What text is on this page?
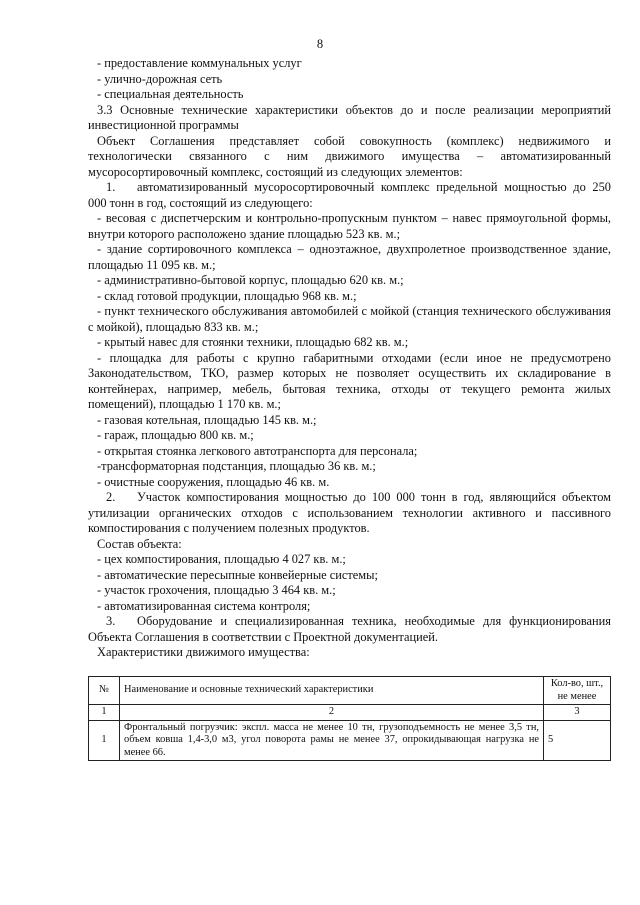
8

- предоставление коммунальных услуг

- улично-дорожная сеть

- специальная деятельность

3.3 Основные технические характеристики объектов до и после реализации мероприятий инвестиционной программы

Объект Соглашения представляет собой совокупность (комплекс) недвижимого и технологически связанного с ним движимого имущества – автоматизированный мусоросортировочный комплекс, состоящий из следующих элементов:

1. автоматизированный мусоросортировочный комплекс предельной мощностью до 250 000 тонн в год, состоящий из следующего:

- весовая с диспетчерским и контрольно-пропускным пунктом – навес прямоугольной формы, внутри которого расположено здание площадью 523 кв. м.;

- здание сортировочного комплекса – одноэтажное, двухпролетное производственное здание, площадью 11 095 кв. м.;

- административно-бытовой корпус, площадью 620 кв. м.;

- склад готовой продукции, площадью 968 кв. м.;

- пункт технического обслуживания автомобилей с мойкой (станция технического обслуживания с мойкой), площадью 833 кв. м.;

- крытый навес для стоянки техники, площадью 682 кв. м.;

- площадка для работы с крупно габаритными отходами (если иное не предусмотрено Законодательством, ТКО, размер которых не позволяет осуществить их складирование в контейнерах, например, мебель, бытовая техника, отходы от текущего ремонта жилых помещений), площадью 1 170 кв. м.;

- газовая котельная, площадью 145 кв. м.;

- гараж, площадью 800 кв. м.;

- открытая стоянка легкового автотранспорта для персонала;

-трансформаторная подстанция, площадью 36 кв. м.;

- очистные сооружения, площадью 46 кв. м.

2. Участок компостирования мощностью до 100 000 тонн в год, являющийся объектом утилизации органических отходов с использованием технологии активного и пассивного компостирования с получением полезных продуктов.

Состав объекта:

- цех компостирования, площадью 4 027 кв. м.;

- автоматические пересыпные конвейерные системы;

- участок грохочения, площадью 3 464 кв. м.;

- автоматизированная система контроля;

3. Оборудование и специализированная техника, необходимые для функционирования Объекта Соглашения в соответствии с Проектной документацией.

Характеристики движимого имущества:

№	Наименование и основные технический характеристики	Кол-во, шт., не менее
1	2	3
1	Фронтальный погрузчик: экспл. масса не менее 10 тн, грузоподъемность не менее 3,5 тн, объем ковша 1,4-3,0 м3, угол поворота рамы не менее 37, опрокидывающая нагрузка не менее 66.	5
